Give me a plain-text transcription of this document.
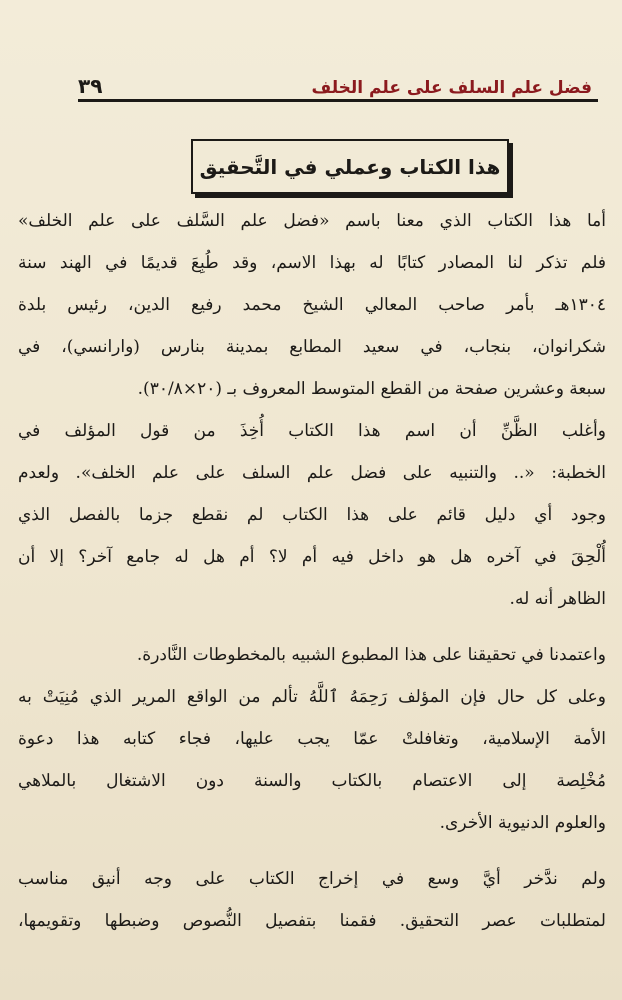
فضل علم السلف على علم الخلف
٣٩
هذا الكتاب وعملي في التَّحقيق
أما هذا الكتاب الذي معنا باسم «فضل علم السَّلف على علم الخلف»
فلم تذكر لنا المصادر كتابًا له بهذا الاسم، وقد طُبِعَ قديمًا في الهند سنة
١٣٠٤هـ بأمر صاحب المعالي الشيخ محمد رفيع الدين، رئيس بلدة
شكرانوان، بنجاب، في سعيد المطابع بمدينة بنارس (وارانسي)، في
سبعة وعشرين صفحة من القطع المتوسط المعروف بـ (٢٠×٣٠/٨).
وأغلب الظَّنِّ أن اسم هذا الكتاب أُخِذَ من قول المؤلف في
الخطبة: «.. والتنبيه على فضل علم السلف على علم الخلف». ولعدم
وجود أي دليل قائم على هذا الكتاب لم نقطع جزما بالفصل الذي
أُلْحِقَ في آخره هل هو داخل فيه أم لا؟ أم هل له جامع آخر؟ إلا أن
الظاهر أنه له.
واعتمدنا في تحقيقنا على هذا المطبوع الشبيه بالمخطوطات النَّادرة.
وعلى كل حال فإن المؤلف رَحِمَهُ ٱللَّهُ تألم من الواقع المرير الذي مُنِيَتْ به
الأمة الإسلامية، وتغافلتْ عمّا يجب عليها، فجاء كتابه هذا دعوة
مُخْلِصة إلى الاعتصام بالكتاب والسنة دون الاشتغال بالملاهي
والعلوم الدنيوية الأخرى.
ولم ندَّخر أيَّ وسع في إخراج الكتاب على وجه أنيق مناسب
لمتطلبات عصر التحقيق. فقمنا بتفصيل النُّصوص وضبطها وتقويمها،
